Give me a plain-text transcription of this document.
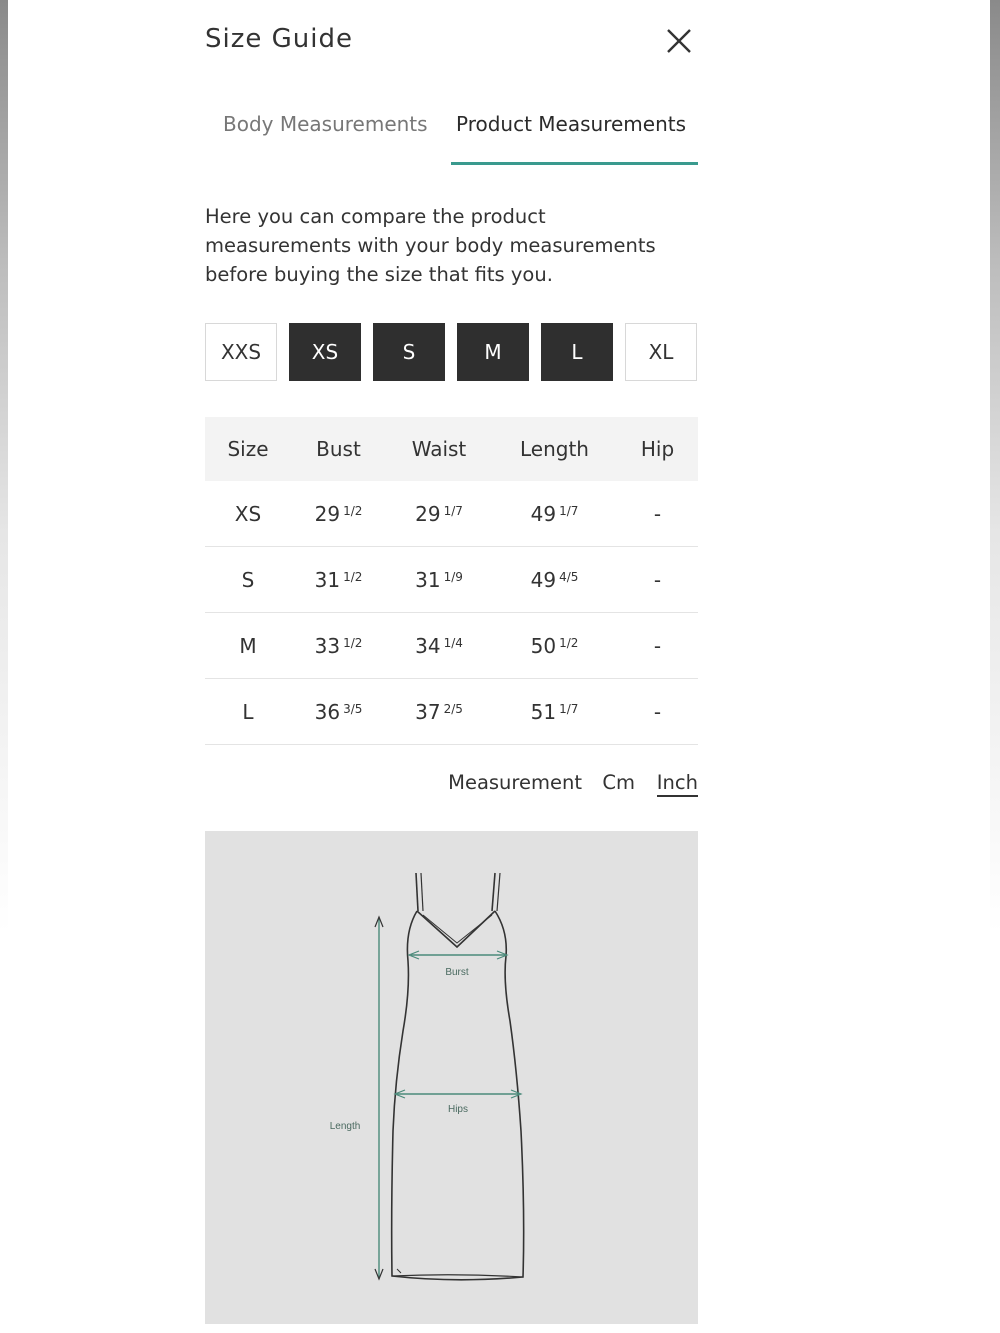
Size Guide
Body Measurements Product Measurements
Here you can compare the product measurements with your body measurements before buying the size that fits you.
XXS	XS	S	M	L	XL
Size	Bust	Waist	Length	Hip
XS	29 $^{1/2}$	29 $^{1/7}$	49 $^{1/7}$	-
S	31 $^{1/2}$	31 $^{1/9}$	49 $^{4/5}$	-
M	33 $^{1/2}$	34 $^{1/4}$	50 $^{1/2}$	-
L	36 $^{3/5}$	37 $^{2/5}$	51 $^{1/7}$	-
Measurement Cm Inch
Burst
Hips
Length
